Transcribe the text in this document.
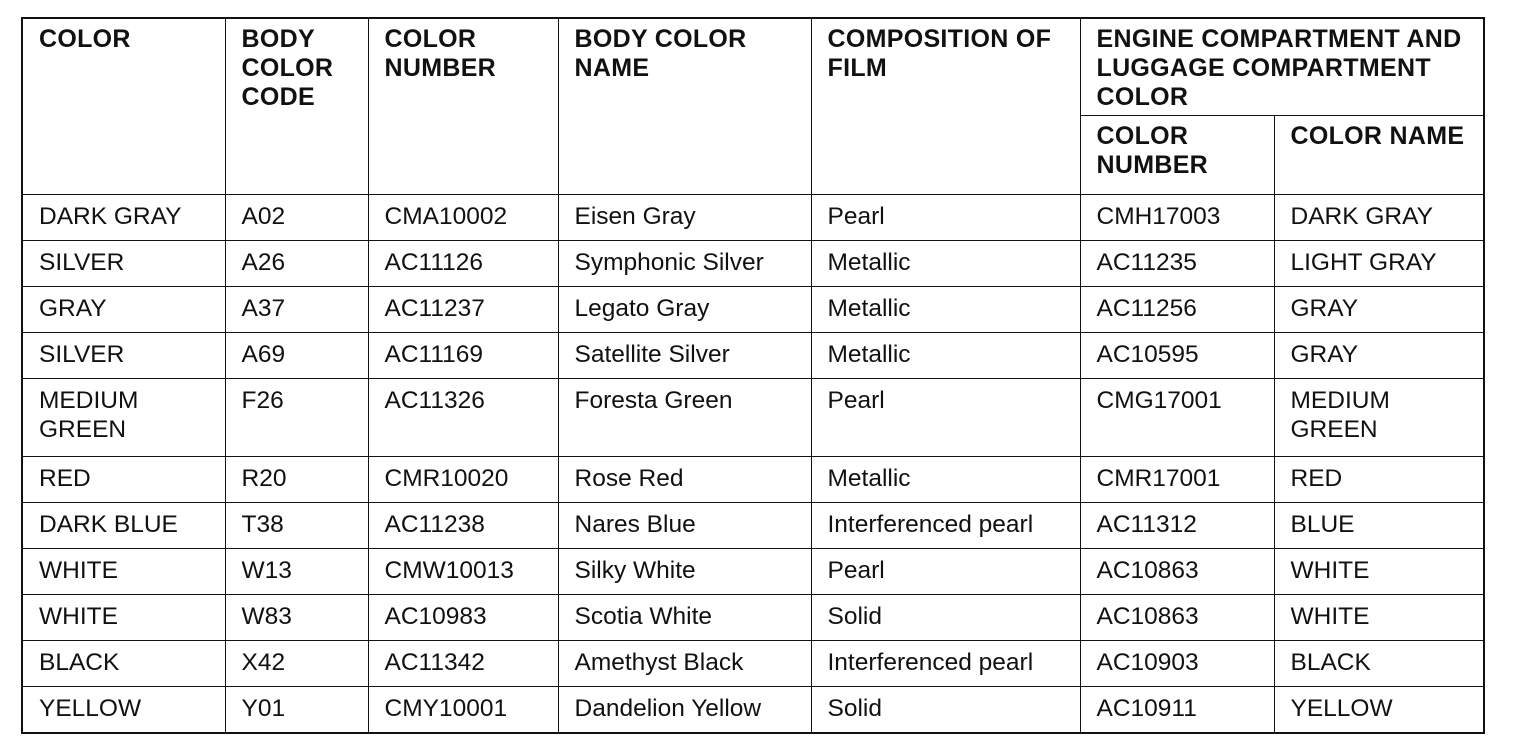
COLOR	BODY COLOR CODE	COLOR NUMBER	BODY COLOR NAME	COMPOSITION OF FILM	ENGINE COMPARTMENT AND LUGGAGE COMPARTMENT COLOR	
					COLOR NUMBER	COLOR NAME
DARK GRAY	A02	CMA10002	Eisen Gray	Pearl	CMH17003	DARK GRAY
SILVER	A26	AC11126	Symphonic Silver	Metallic	AC11235	LIGHT GRAY
GRAY	A37	AC11237	Legato Gray	Metallic	AC11256	GRAY
SILVER	A69	AC11169	Satellite Silver	Metallic	AC10595	GRAY
MEDIUM GREEN	F26	AC11326	Foresta Green	Pearl	CMG17001	MEDIUM GREEN
RED	R20	CMR10020	Rose Red	Metallic	CMR17001	RED
DARK BLUE	T38	AC11238	Nares Blue	Interferenced pearl	AC11312	BLUE
WHITE	W13	CMW10013	Silky White	Pearl	AC10863	WHITE
WHITE	W83	AC10983	Scotia White	Solid	AC10863	WHITE
BLACK	X42	AC11342	Amethyst Black	Interferenced pearl	AC10903	BLACK
YELLOW	Y01	CMY10001	Dandelion Yellow	Solid	AC10911	YELLOW
